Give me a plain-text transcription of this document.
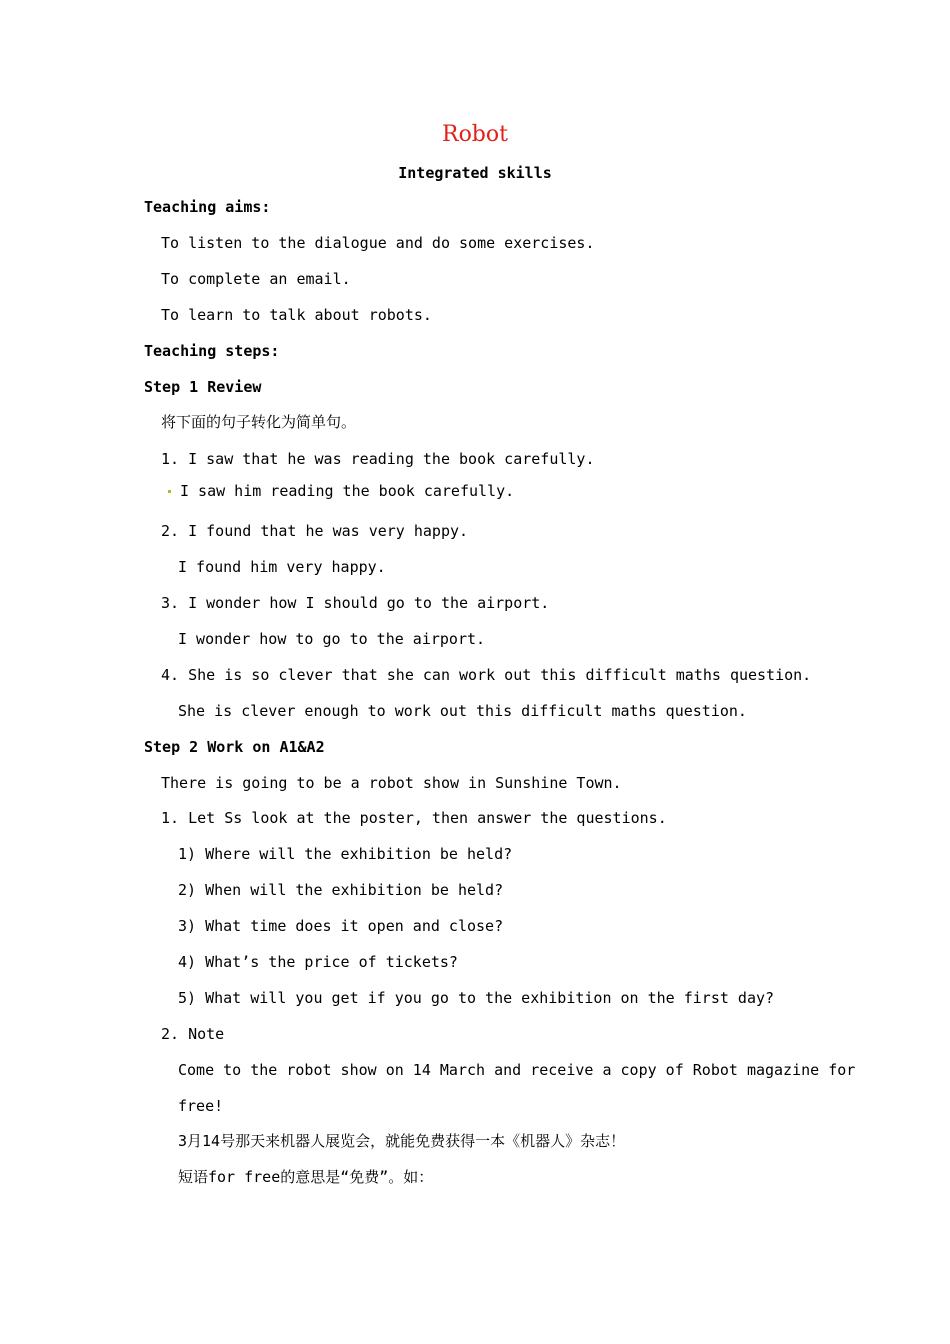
Robot
Integrated skills
Teaching aims:
To listen to the dialogue and do some exercises.
To complete an email.
To learn to talk about robots.
Teaching steps:
Step 1 Review
将下面的句子转化为简单句。
1. I saw that he was reading the book carefully.
I saw him reading the book carefully.
2. I found that he was very happy.
I found him very happy.
3. I wonder how I should go to the airport.
I wonder how to go to the airport.
4. She is so clever that she can work out this difficult maths question.
She is clever enough to work out this difficult maths question.
Step 2 Work on A1&A2
There is going to be a robot show in Sunshine Town.
1. Let Ss look at the poster, then answer the questions.
1) Where will the exhibition be held?
2) When will the exhibition be held?
3) What time does it open and close?
4) What’s the price of tickets?
5) What will you get if you go to the exhibition on the first day?
2. Note
Come to the robot show on 14 March and receive a copy of Robot magazine for
free!
3月14号那天来机器人展览会，就能免费获得一本《机器人》杂志！
短语for free的意思是“免费”。如：
